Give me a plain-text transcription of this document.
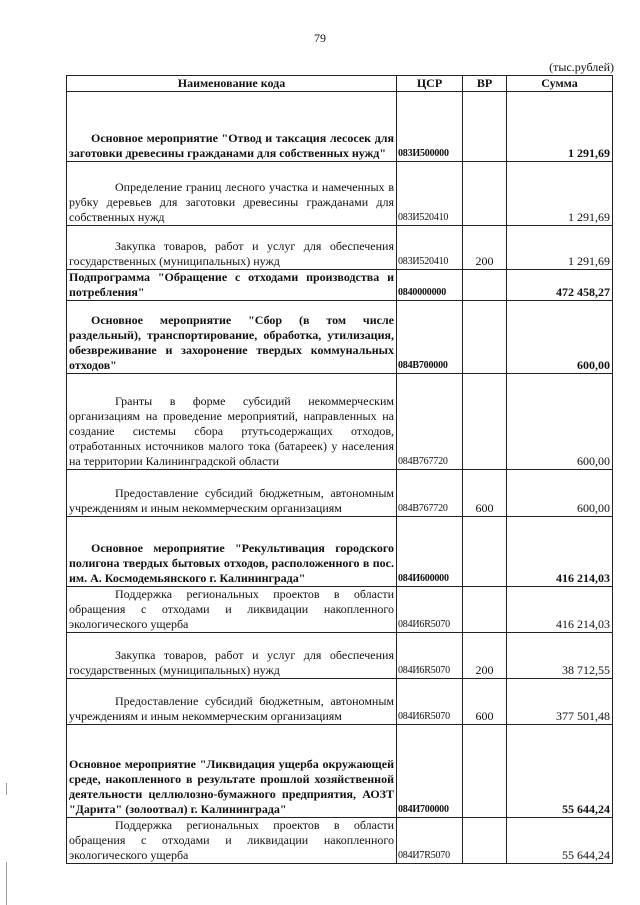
79
(тыс.рублей)
Наименование кода	ЦСР	ВР	Сумма
Основное мероприятие "Отвод и таксация лесосек для заготовки древесины гражданами для собственных нужд"	083И500000		1 291,69
Определение границ лесного участка и намеченных в рубку деревьев для заготовки древесины гражданами для собственных нужд	083И520410		1 291,69
Закупка товаров, работ и услуг для обеспечения государственных (муниципальных) нужд	083И520410	200	1 291,69
Подпрограмма "Обращение с отходами производства и потребления"	0840000000		472 458,27
Основное мероприятие "Сбор (в том числе раздельный), транспортирование, обработка, утилизация, обезвреживание и захоронение твердых коммунальных отходов"	084В700000		600,00
Гранты в форме субсидий некоммерческим организациям на проведение мероприятий, направленных на создание системы сбора ртутьсодержащих отходов, отработанных источников малого тока (батареек) у населения на территории Калининградской области	084В767720		600,00
Предоставление субсидий бюджетным, автономным учреждениям и иным некоммерческим организациям	084В767720	600	600,00
Основное мероприятие "Рекультивация городского полигона твердых бытовых отходов, расположенного в пос. им. А. Космодемьянского г. Калининграда"	084И600000		416 214,03
Поддержка региональных проектов в области обращения с отходами и ликвидации накопленного экологического ущерба	084И6R5070		416 214,03
Закупка товаров, работ и услуг для обеспечения государственных (муниципальных) нужд	084И6R5070	200	38 712,55
Предоставление субсидий бюджетным, автономным учреждениям и иным некоммерческим организациям	084И6R5070	600	377 501,48
Основное мероприятие "Ликвидация ущерба окружающей среде, накопленного в результате прошлой хозяйственной деятельности целлюлозно-бумажного предприятия, АОЗТ "Дарита" (золоотвал) г. Калининграда"	084И700000		55 644,24
Поддержка региональных проектов в области обращения с отходами и ликвидации накопленного экологического ущерба	084И7R5070		55 644,24
